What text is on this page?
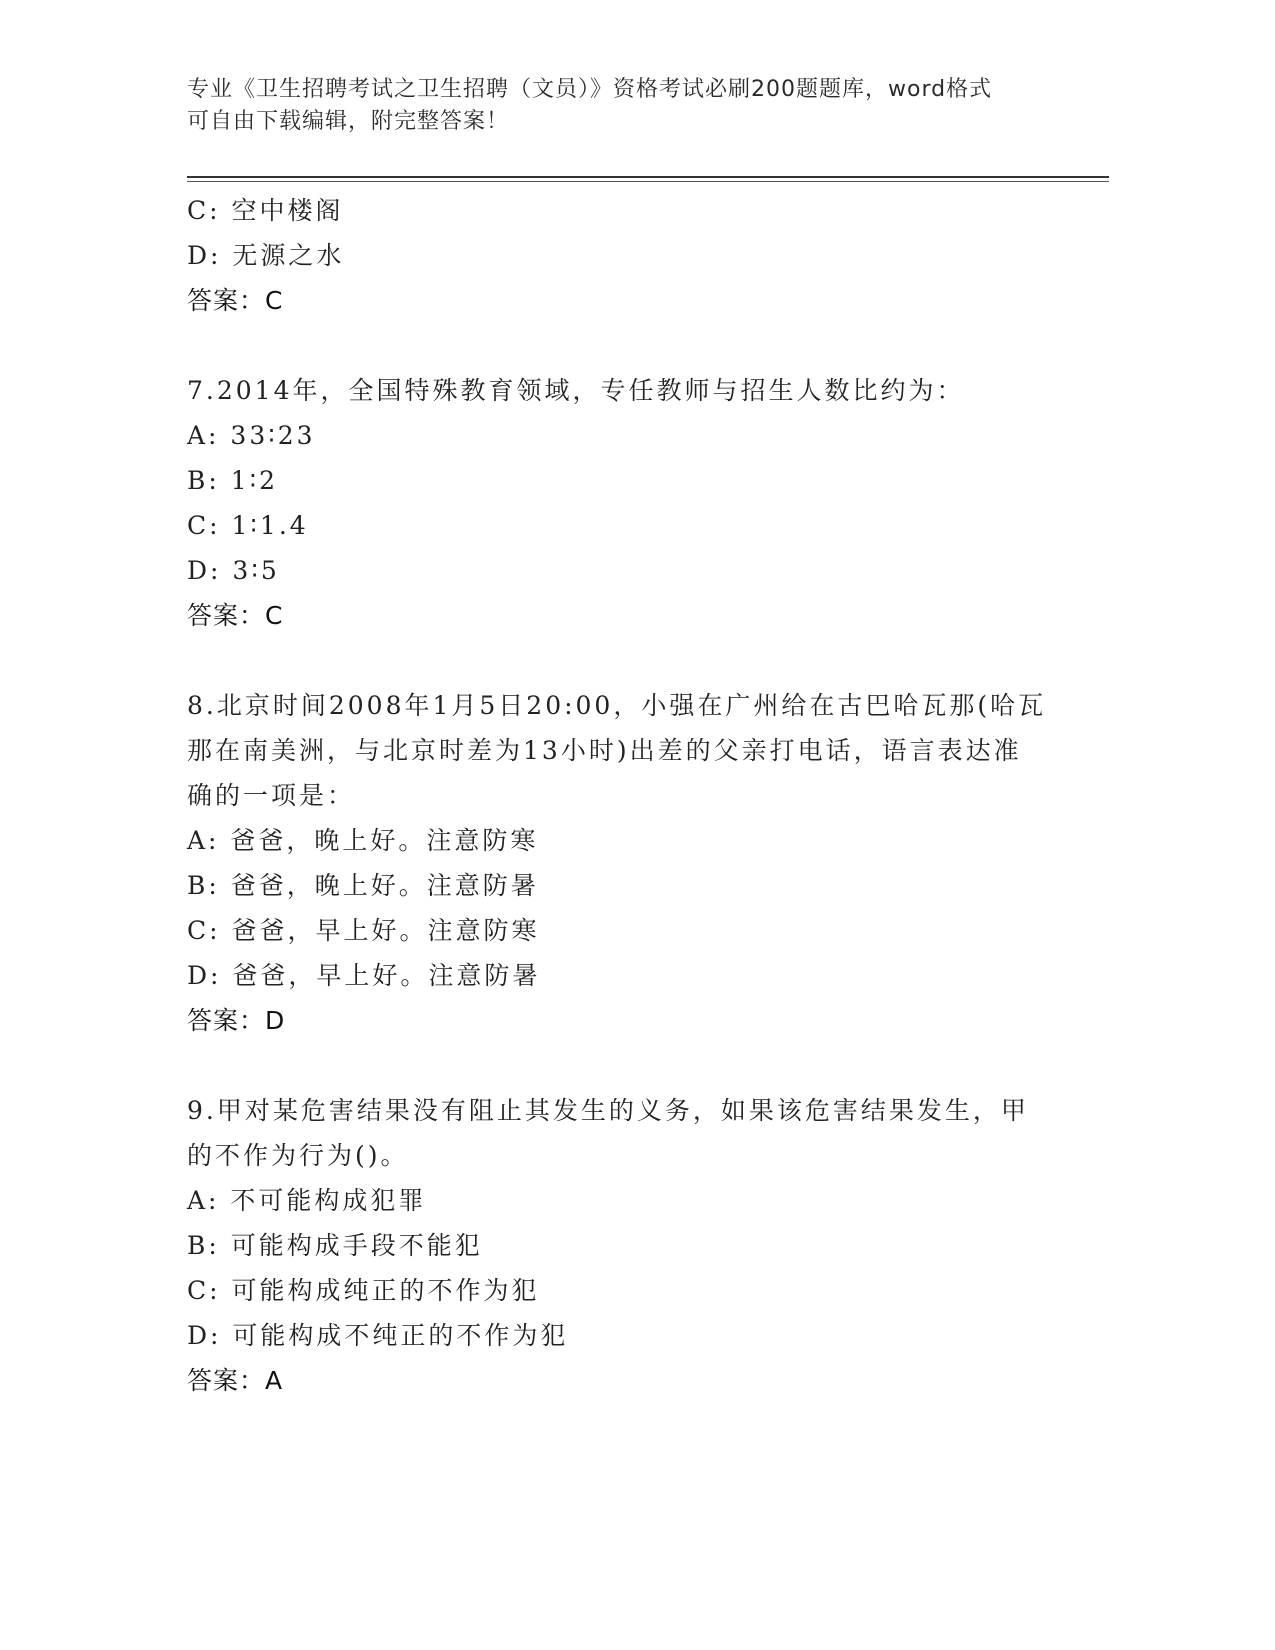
专业《卫生招聘考试之卫生招聘（文员）》资格考试必刷200题题库，word格式
可自由下载编辑，附完整答案！
C: 空中楼阁
D: 无源之水
答案：C
7.2014年，全国特殊教育领域，专任教师与招生人数比约为：
A: 33∶23
B: 1∶2
C: 1∶1.4
D: 3∶5
答案：C
8.北京时间2008年1月5日20:00，小强在广州给在古巴哈瓦那(哈瓦
那在南美洲，与北京时差为13小时)出差的父亲打电话，语言表达准
确的一项是：
A: 爸爸，晚上好。注意防寒
B: 爸爸，晚上好。注意防暑
C: 爸爸，早上好。注意防寒
D: 爸爸，早上好。注意防暑
答案：D
9.甲对某危害结果没有阻止其发生的义务，如果该危害结果发生，甲
的不作为行为()。
A: 不可能构成犯罪
B: 可能构成手段不能犯
C: 可能构成纯正的不作为犯
D: 可能构成不纯正的不作为犯
答案：A
